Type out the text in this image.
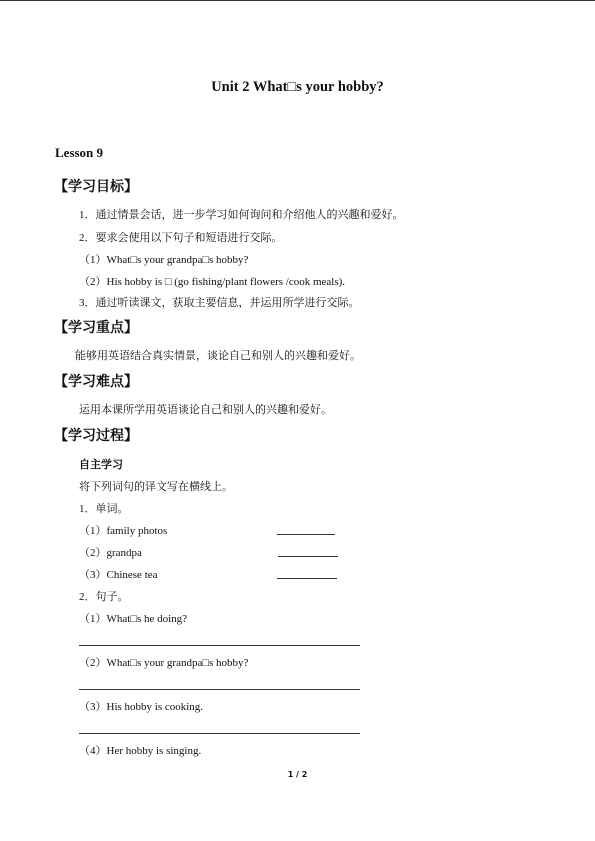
Unit 2 What□s your hobby?
Lesson 9
【学习目标】
1．通过情景会话，进一步学习如何询问和介绍他人的兴趣和爱好。
2．要求会使用以下句子和短语进行交际。
（1）What□s your grandpa□s hobby?
（2）His hobby is □ (go fishing/plant flowers /cook meals).
3．通过听读课文，获取主要信息，并运用所学进行交际。
【学习重点】
能够用英语结合真实情景，谈论自己和别人的兴趣和爱好。
【学习难点】
运用本课所学用英语谈论自己和别人的兴趣和爱好。
【学习过程】
自主学习
将下列词句的译文写在横线上。
1．单词。
（1）family photos
（2）grandpa
（3）Chinese tea
2．句子。
（1）What□s he doing?
（2）What□s your grandpa□s hobby?
（3）His hobby is cooking.
（4）Her hobby is singing.
1 / 2
